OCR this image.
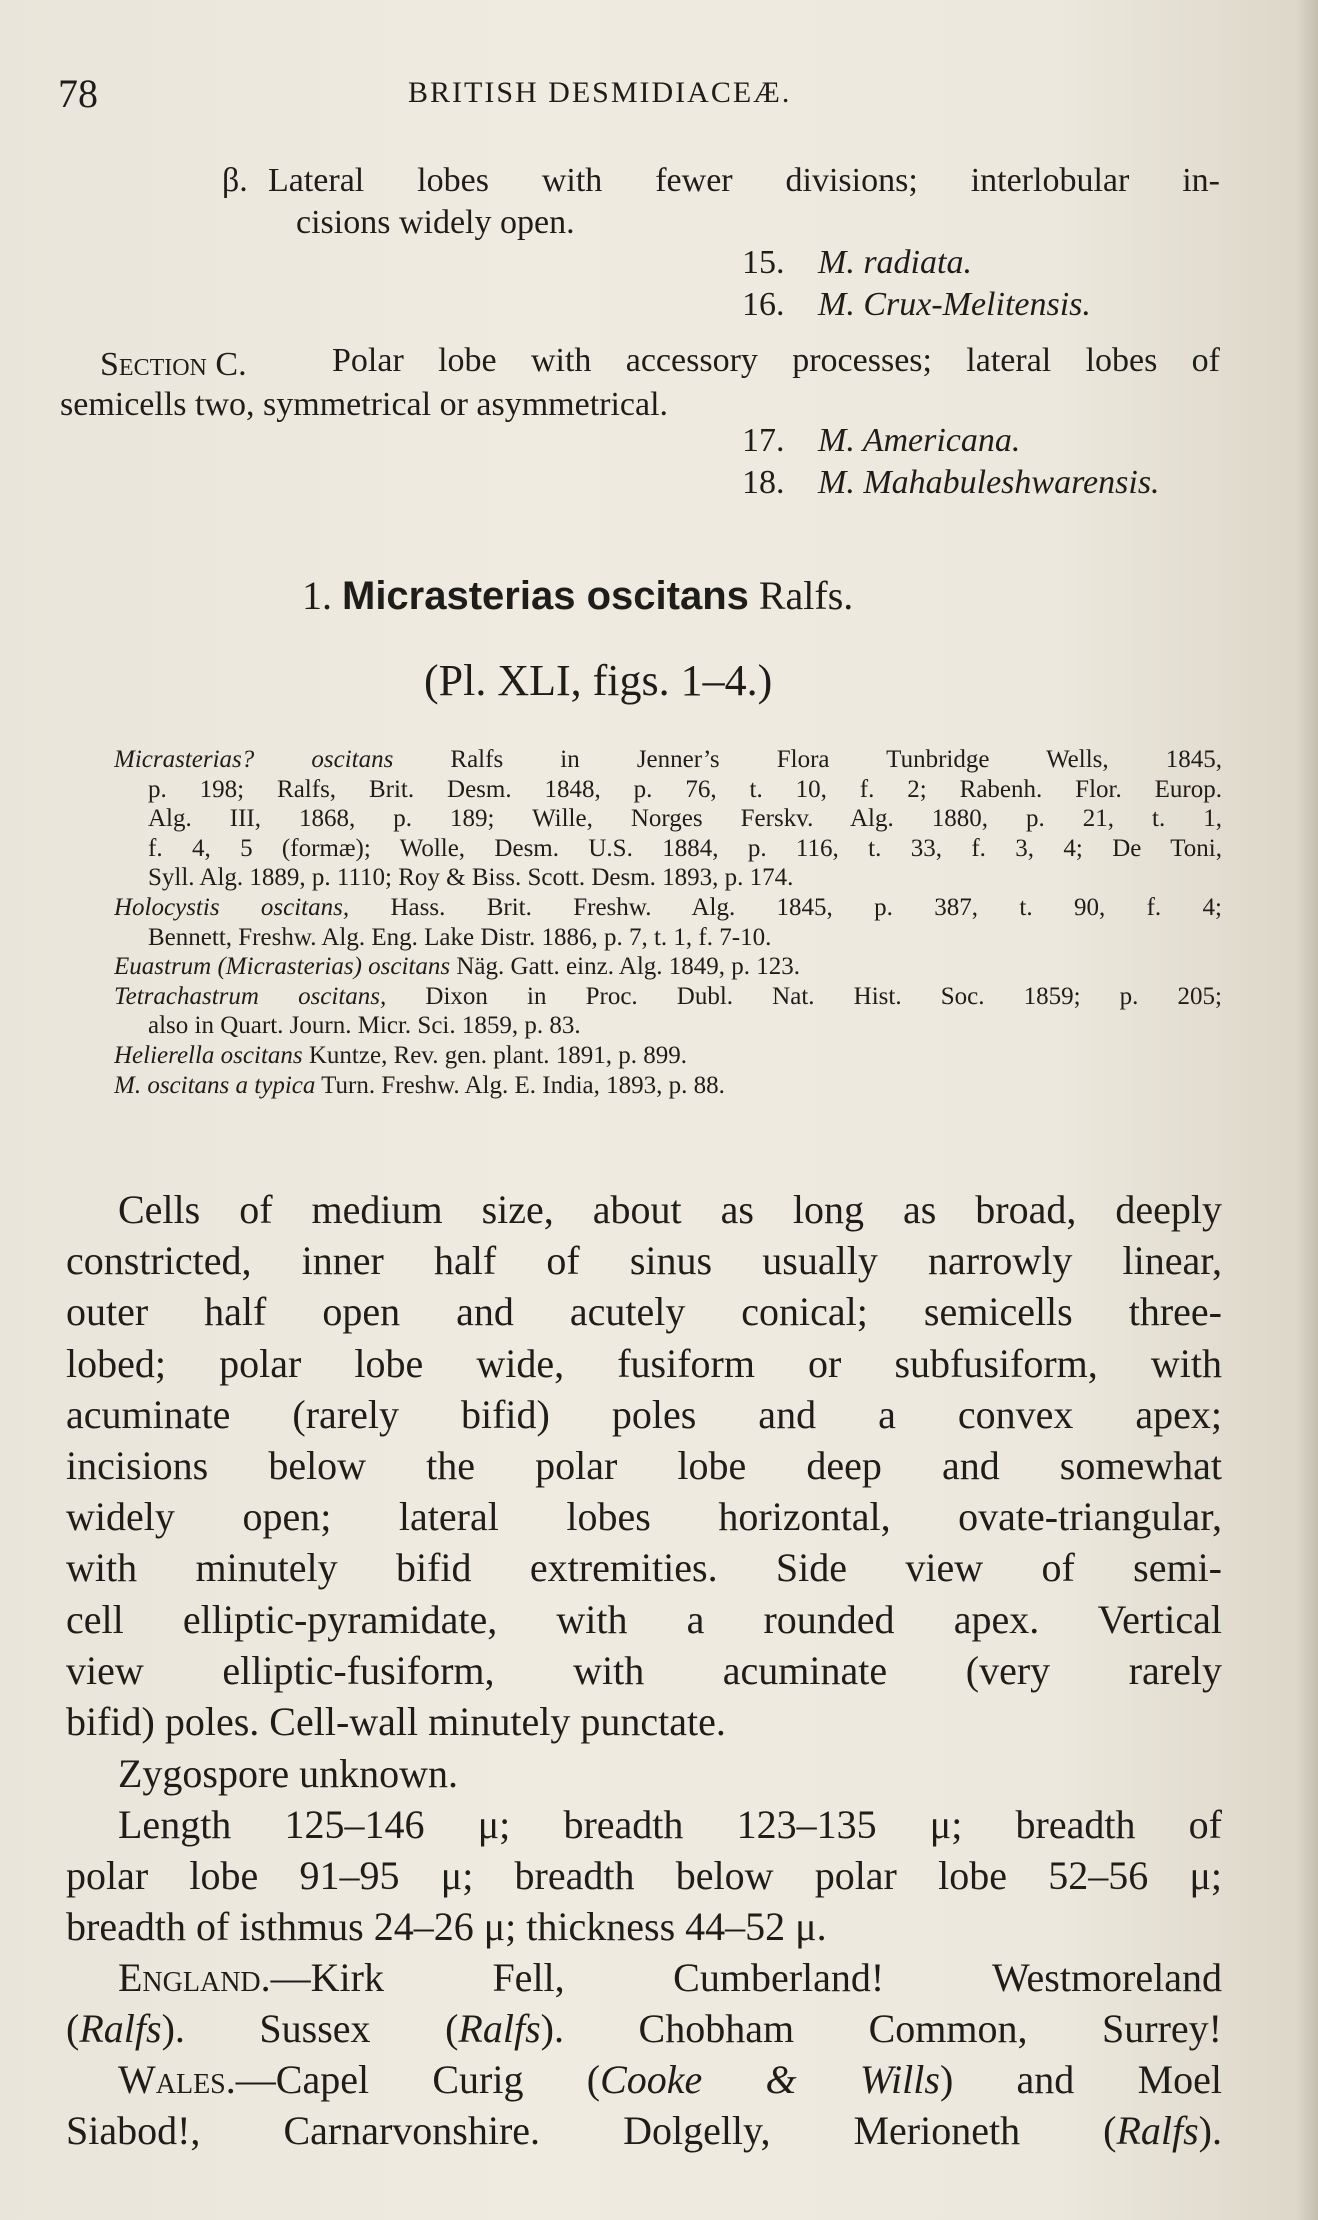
78	BRITISH DESMIDIACEÆ.
β. Lateral lobes with fewer divisions; interlobular in-
cisions widely open.
15. M. radiata.
16. M. Crux-Melitensis.
Section C.	Polar lobe with accessory processes; lateral lobes of
semicells two, symmetrical or asymmetrical.
17. M. Americana.
18. M. Mahabuleshwarensis.
1. Micrasterias oscitans Ralfs.
(Pl. XLI, figs. 1–4.)
Micrasterias? oscitans Ralfs in Jenner’s Flora Tunbridge Wells, 1845,
p. 198; Ralfs, Brit. Desm. 1848, p. 76, t. 10, f. 2; Rabenh. Flor. Europ.
Alg. III, 1868, p. 189; Wille, Norges Ferskv. Alg. 1880, p. 21, t. 1,
f. 4, 5 (formæ); Wolle, Desm. U.S. 1884, p. 116, t. 33, f. 3, 4; De Toni,
Syll. Alg. 1889, p. 1110; Roy & Biss. Scott. Desm. 1893, p. 174.
Holocystis oscitans, Hass. Brit. Freshw. Alg. 1845, p. 387, t. 90, f. 4;
Bennett, Freshw. Alg. Eng. Lake Distr. 1886, p. 7, t. 1, f. 7-10.
Euastrum (Micrasterias) oscitans Näg. Gatt. einz. Alg. 1849, p. 123.
Tetrachastrum oscitans, Dixon in Proc. Dubl. Nat. Hist. Soc. 1859; p. 205;
also in Quart. Journ. Micr. Sci. 1859, p. 83.
Helierella oscitans Kuntze, Rev. gen. plant. 1891, p. 899.
M. oscitans a typica Turn. Freshw. Alg. E. India, 1893, p. 88.
Cells of medium size, about as long as broad, deeply
constricted, inner half of sinus usually narrowly linear,
outer half open and acutely conical; semicells three-
lobed; polar lobe wide, fusiform or subfusiform, with
acuminate (rarely bifid) poles and a convex apex;
incisions below the polar lobe deep and somewhat
widely open; lateral lobes horizontal, ovate-triangular,
with minutely bifid extremities. Side view of semi-
cell elliptic-pyramidate, with a rounded apex. Vertical
view elliptic-fusiform, with acuminate (very rarely
bifid) poles. Cell-wall minutely punctate.
Zygospore unknown.
Length 125–146 μ; breadth 123–135 μ; breadth of
polar lobe 91–95 μ; breadth below polar lobe 52–56 μ;
breadth of isthmus 24–26 μ; thickness 44–52 μ.
England.—Kirk Fell, Cumberland! Westmoreland
(Ralfs). Sussex (Ralfs). Chobham Common, Surrey!
Wales.—Capel Curig (Cooke & Wills) and Moel
Siabod!, Carnarvonshire. Dolgelly, Merioneth (Ralfs).
